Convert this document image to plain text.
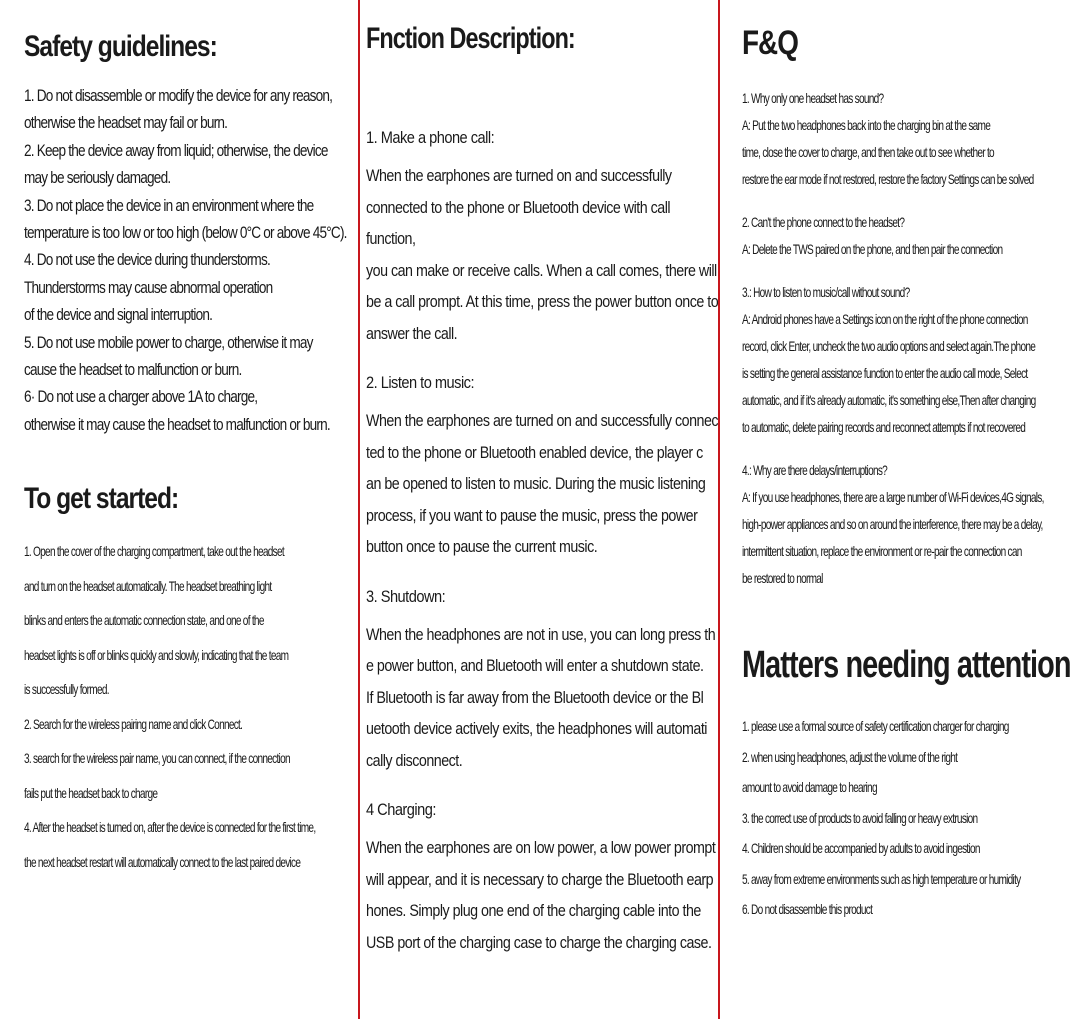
Safety guidelines:

1. Do not disassemble or modify the device for any reason,
otherwise the headset may fail or burn.

2. Keep the device away from liquid; otherwise, the device
may be seriously damaged.

3. Do not place the device in an environment where the
temperature is too low or too high (below 0°C or above 45°C).

4. Do not use the device during thunderstorms.
Thunderstorms may cause abnormal operation
of the device and signal interruption.

5. Do not use mobile power to charge, otherwise it may
cause the headset to malfunction or burn.

6· Do not use a charger above 1A to charge,
otherwise it may cause the headset to malfunction or burn.

To get started:

1. Open the cover of the charging compartment, take out the headset
and turn on the headset automatically. The headset breathing light
blinks and enters the automatic connection state, and one of the
headset lights is off or blinks quickly and slowly, indicating that the team
is successfully formed.

2. Search for the wireless pairing name and click Connect.

3. search for the wireless pair name, you can connect, if the connection
fails put the headset back to charge

4. After the headset is turned on, after the device is connected for the first time,
the next headset restart will automatically connect to the last paired device

Fnction Description:

1. Make a phone call:

When the earphones are turned on and successfully
connected to the phone or Bluetooth device with call function,
you can make or receive calls. When a call comes, there will
be a call prompt. At this time, press the power button once to
answer the call.

2. Listen to music:

When the earphones are turned on and successfully connec
ted to the phone or Bluetooth enabled device, the player c
an be opened to listen to music. During the music listening
process, if you want to pause the music, press the power
button once to pause the current music.

3. Shutdown:

When the headphones are not in use, you can long press th
e power button, and Bluetooth will enter a shutdown state.
If Bluetooth is far away from the Bluetooth device or the Bl
uetooth device actively exits, the headphones will automati
cally disconnect.

4 Charging:

When the earphones are on low power, a low power prompt
will appear, and it is necessary to charge the Bluetooth earp
hones. Simply plug one end of the charging cable into the
USB port of the charging case to charge the charging case.

F&Q

1. Why only one headset has sound?
A: Put the two headphones back into the charging bin at the same
time, close the cover to charge, and then take out to see whether to
restore the ear mode if not restored, restore the factory Settings can be solved

2. Can't the phone connect to the headset?
A: Delete the TWS paired on the phone, and then pair the connection

3.: How to listen to music/call without sound?
A: Android phones have a Settings icon on the right of the phone connection
record, click Enter, uncheck the two audio options and select again.The phone
is setting the general assistance function to enter the audio call mode, Select
automatic, and if it's already automatic, it's something else,Then after changing
to automatic, delete pairing records and reconnect attempts if not recovered

4.: Why are there delays/interruptions?
A: If you use headphones, there are a large number of Wi-Fi devices,4G signals,
high-power appliances and so on around the interference, there may be a delay,
intermittent situation, replace the environment or re-pair the connection can
be restored to normal

Matters needing attention

1. please use a formal source of safety certification charger for charging

2. when using headphones, adjust the volume of the right
amount to avoid damage to hearing

3. the correct use of products to avoid falling or heavy extrusion

4. Children should be accompanied by adults to avoid ingestion

5. away from extreme environments such as high temperature or humidity

6. Do not disassemble this product
